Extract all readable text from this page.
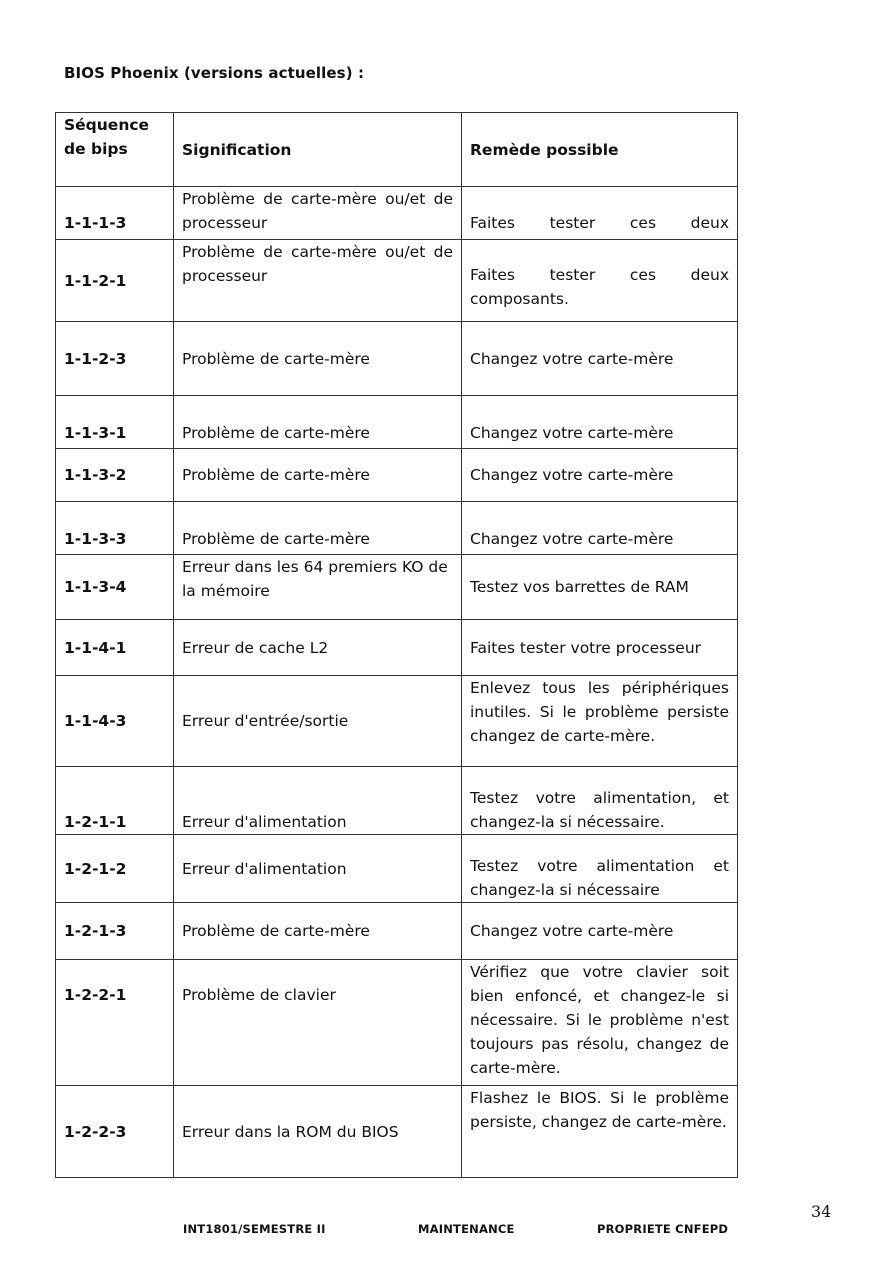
BIOS Phoenix (versions actuelles) :
Séquence de bips	Signification	Remède possible
1-1-1-3	Problème de carte-mère ou/et de processeur	Faites tester ces deux
1-1-2-1	Problème de carte-mère ou/et de processeur	Faites tester ces deux composants.
1-1-2-3	Problème de carte-mère	Changez votre carte-mère
1-1-3-1	Problème de carte-mère	Changez votre carte-mère
1-1-3-2	Problème de carte-mère	Changez votre carte-mère
1-1-3-3	Problème de carte-mère	Changez votre carte-mère
1-1-3-4	Erreur dans les 64 premiers KO de la mémoire	Testez vos barrettes de RAM
1-1-4-1	Erreur de cache L2	Faites tester votre processeur
1-1-4-3	Erreur d'entrée/sortie	Enlevez tous les périphériques inutiles. Si le problème persiste changez de carte-mère.
1-2-1-1	Erreur d'alimentation	Testez votre alimentation, et changez-la si nécessaire.
1-2-1-2	Erreur d'alimentation	Testez votre alimentation et changez-la si nécessaire
1-2-1-3	Problème de carte-mère	Changez votre carte-mère
1-2-2-1	Problème de clavier	Vérifiez que votre clavier soit bien enfoncé, et changez-le si nécessaire. Si le problème n'est toujours pas résolu, changez de carte-mère.
1-2-2-3	Erreur dans la ROM du BIOS	Flashez le BIOS. Si le problème persiste, changez de carte-mère.
34
INT1801/SEMESTRE II	MAINTENANCE	PROPRIETE CNFEPD
